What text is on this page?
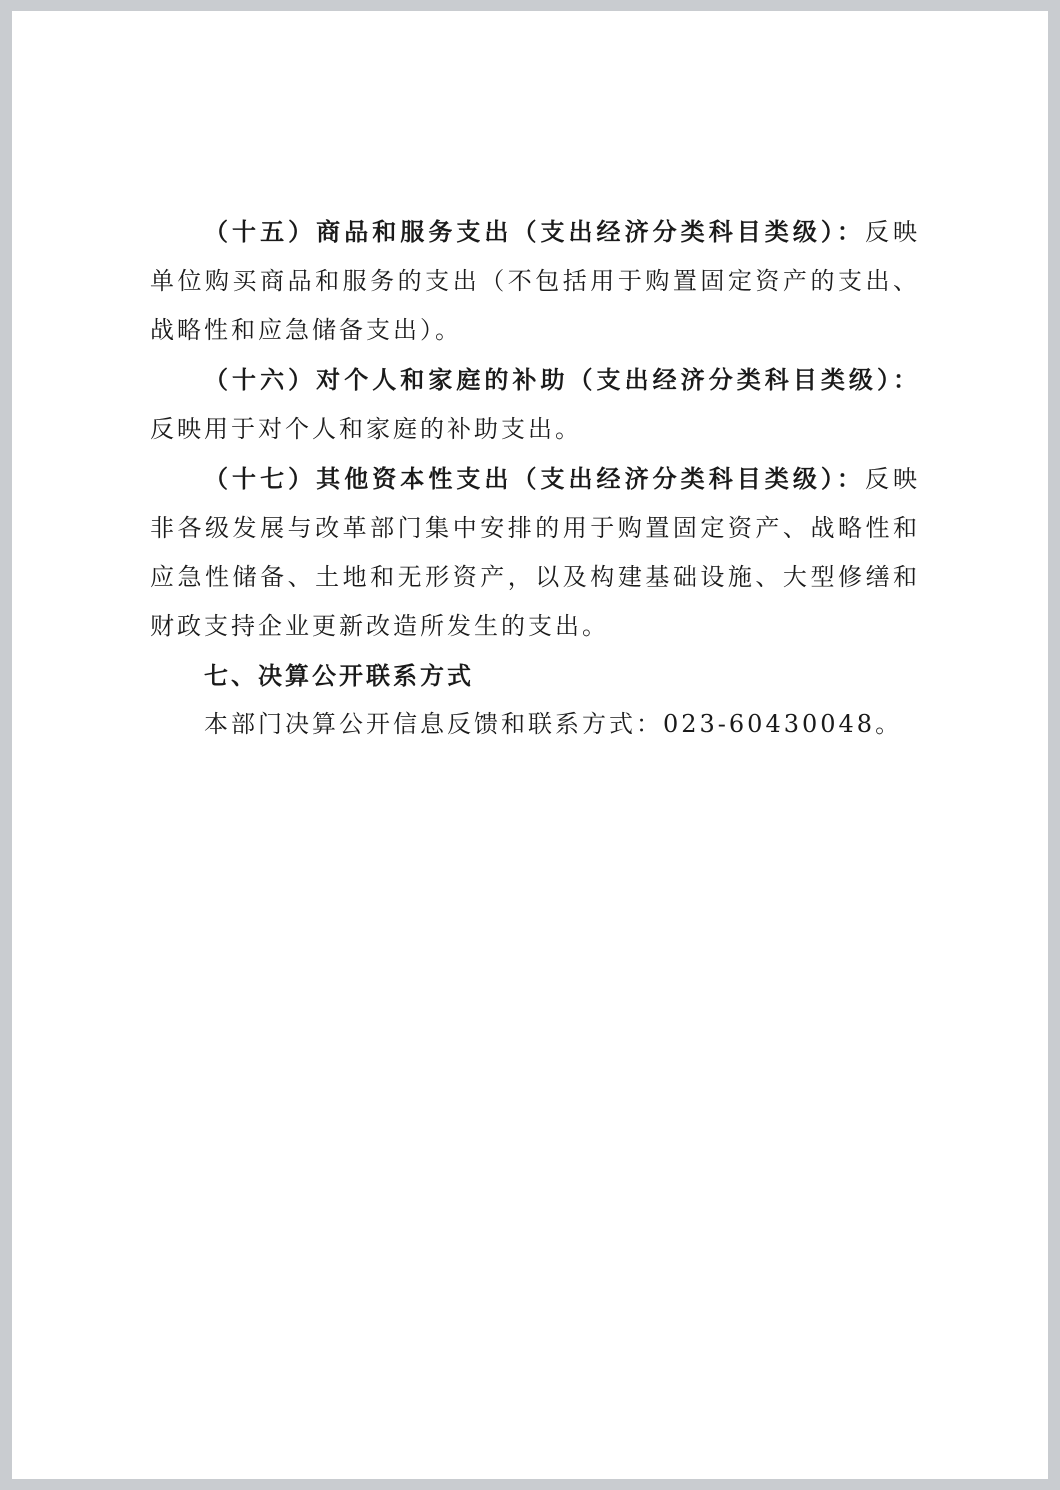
（十五）商品和服务支出（支出经济分类科目类级）：反映单位购买商品和服务的支出（不包括用于购置固定资产的支出、战略性和应急储备支出）。

（十六）对个人和家庭的补助（支出经济分类科目类级）：反映用于对个人和家庭的补助支出。

（十七）其他资本性支出（支出经济分类科目类级）：反映非各级发展与改革部门集中安排的用于购置固定资产、战略性和应急性储备、土地和无形资产，以及构建基础设施、大型修缮和财政支持企业更新改造所发生的支出。

七、决算公开联系方式

本部门决算公开信息反馈和联系方式：023-60430048。
